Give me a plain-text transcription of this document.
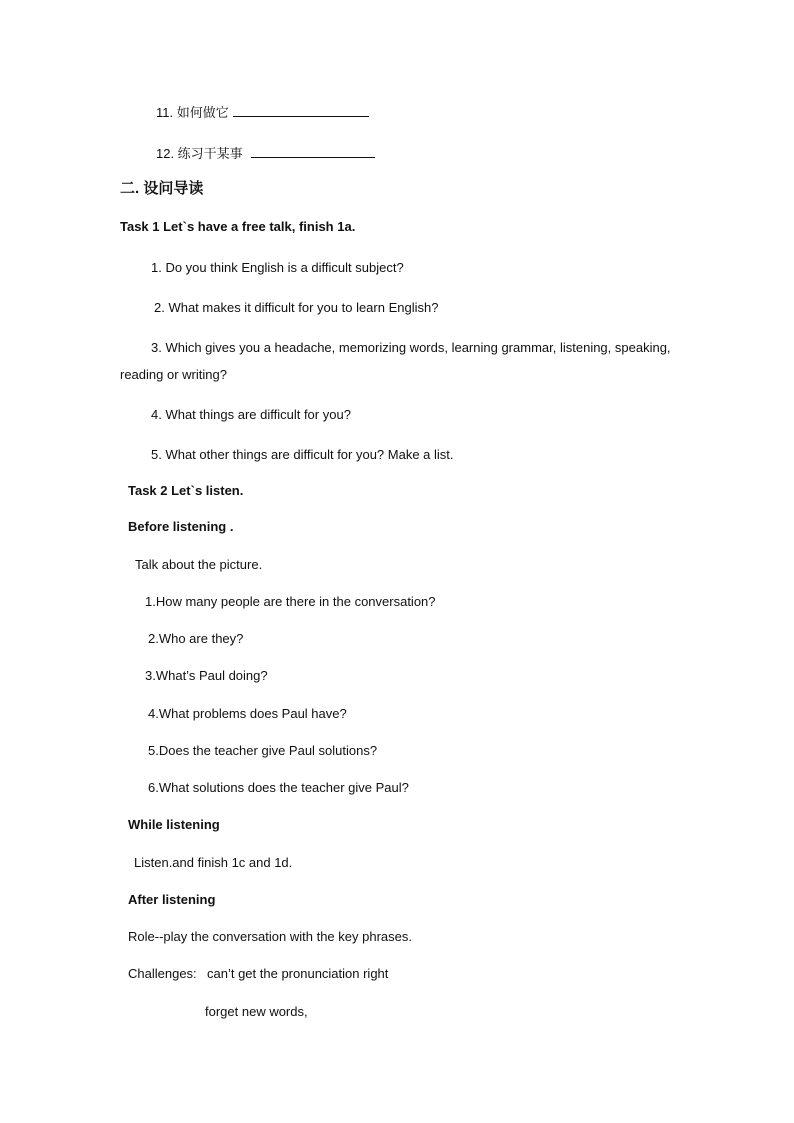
11. 如何做它
12. 练习干某事
二. 设问导读
Task 1 Let`s have a free talk, finish 1a.
1. Do you think English is a difficult subject?
2. What makes it difficult for you to learn English?
3. Which gives you a headache, memorizing words, learning grammar, listening, speaking,
reading or writing?
4. What things are difficult for you?
5. What other things are difficult for you? Make a list.
Task 2 Let`s listen.
Before listening .
Talk about the picture.
1.How many people are there in the conversation?
2.Who are they?
3.What’s Paul doing?
4.What problems does Paul have?
5.Does the teacher give Paul solutions?
6.What solutions does the teacher give Paul?
While listening
Listen.and finish 1c and 1d.
After listening
Role--play the conversation with the key phrases.
Challenges: can’t get the pronunciation right
forget new words,
